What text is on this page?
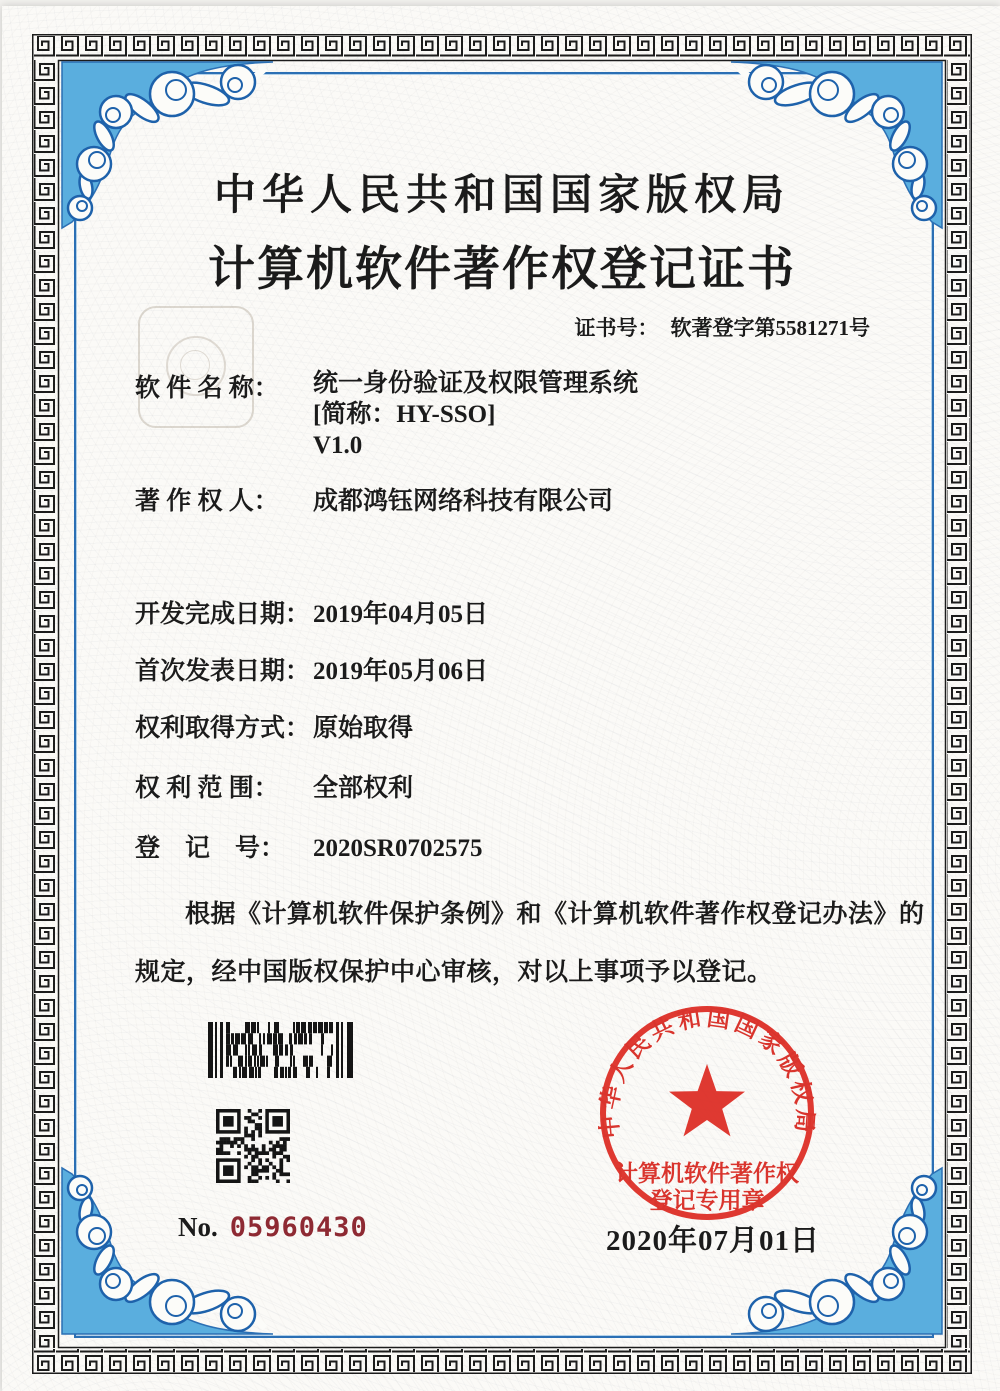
中华人民共和国国家版权局
计算机软件著作权登记证书
证书号： 软著登字第5581271号
软 件 名 称： 统一身份验证及权限管理系统
[简称：HY-SSO]
V1.0
著 作 权 人： 成都鸿钰网络科技有限公司
开发完成日期： 2019年04月05日
首次发表日期： 2019年05月06日
权利取得方式： 原始取得
权 利 范 围： 全部权利
登　记　号： 2020SR0702575
根据《计算机软件保护条例》和《计算机软件著作权登记办法》的
规定，经中国版权保护中心审核，对以上事项予以登记。
No. 05960430
中华人民共和国国家版权局
计算机软件著作权
登记专用章
2020年07月01日
